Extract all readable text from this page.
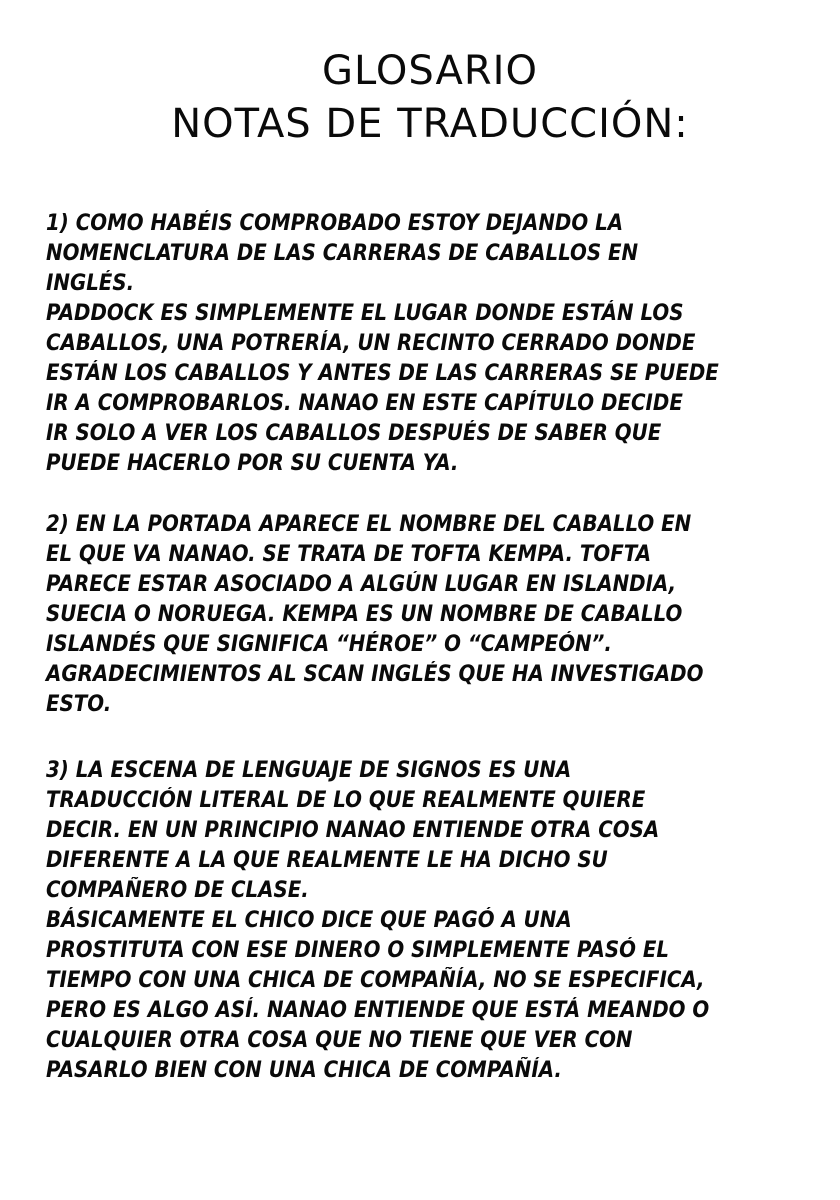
GLOSARIO
NOTAS DE TRADUCCIÓN:
1) COMO HABÉIS COMPROBADO ESTOY DEJANDO LA
NOMENCLATURA DE LAS CARRERAS DE CABALLOS EN
INGLÉS.
PADDOCK ES SIMPLEMENTE EL LUGAR DONDE ESTÁN LOS
CABALLOS, UNA POTRERÍA, UN RECINTO CERRADO DONDE
ESTÁN LOS CABALLOS Y ANTES DE LAS CARRERAS SE PUEDE
IR A COMPROBARLOS. NANAO EN ESTE CAPÍTULO DECIDE
IR SOLO A VER LOS CABALLOS DESPUÉS DE SABER QUE
PUEDE HACERLO POR SU CUENTA YA.
2) EN LA PORTADA APARECE EL NOMBRE DEL CABALLO EN
EL QUE VA NANAO. SE TRATA DE TOFTA KEMPA. TOFTA
PARECE ESTAR ASOCIADO A ALGÚN LUGAR EN ISLANDIA,
SUECIA O NORUEGA. KEMPA ES UN NOMBRE DE CABALLO
ISLANDÉS QUE SIGNIFICA “HÉROE” O “CAMPEÓN”.
AGRADECIMIENTOS AL SCAN INGLÉS QUE HA INVESTIGADO
ESTO.
3) LA ESCENA DE LENGUAJE DE SIGNOS ES UNA
TRADUCCIÓN LITERAL DE LO QUE REALMENTE QUIERE
DECIR. EN UN PRINCIPIO NANAO ENTIENDE OTRA COSA
DIFERENTE A LA QUE REALMENTE LE HA DICHO SU
COMPAÑERO DE CLASE.
BÁSICAMENTE EL CHICO DICE QUE PAGÓ A UNA
PROSTITUTA CON ESE DINERO O SIMPLEMENTE PASÓ EL
TIEMPO CON UNA CHICA DE COMPAÑÍA, NO SE ESPECIFICA,
PERO ES ALGO ASÍ. NANAO ENTIENDE QUE ESTÁ MEANDO O
CUALQUIER OTRA COSA QUE NO TIENE QUE VER CON
PASARLO BIEN CON UNA CHICA DE COMPAÑÍA.
